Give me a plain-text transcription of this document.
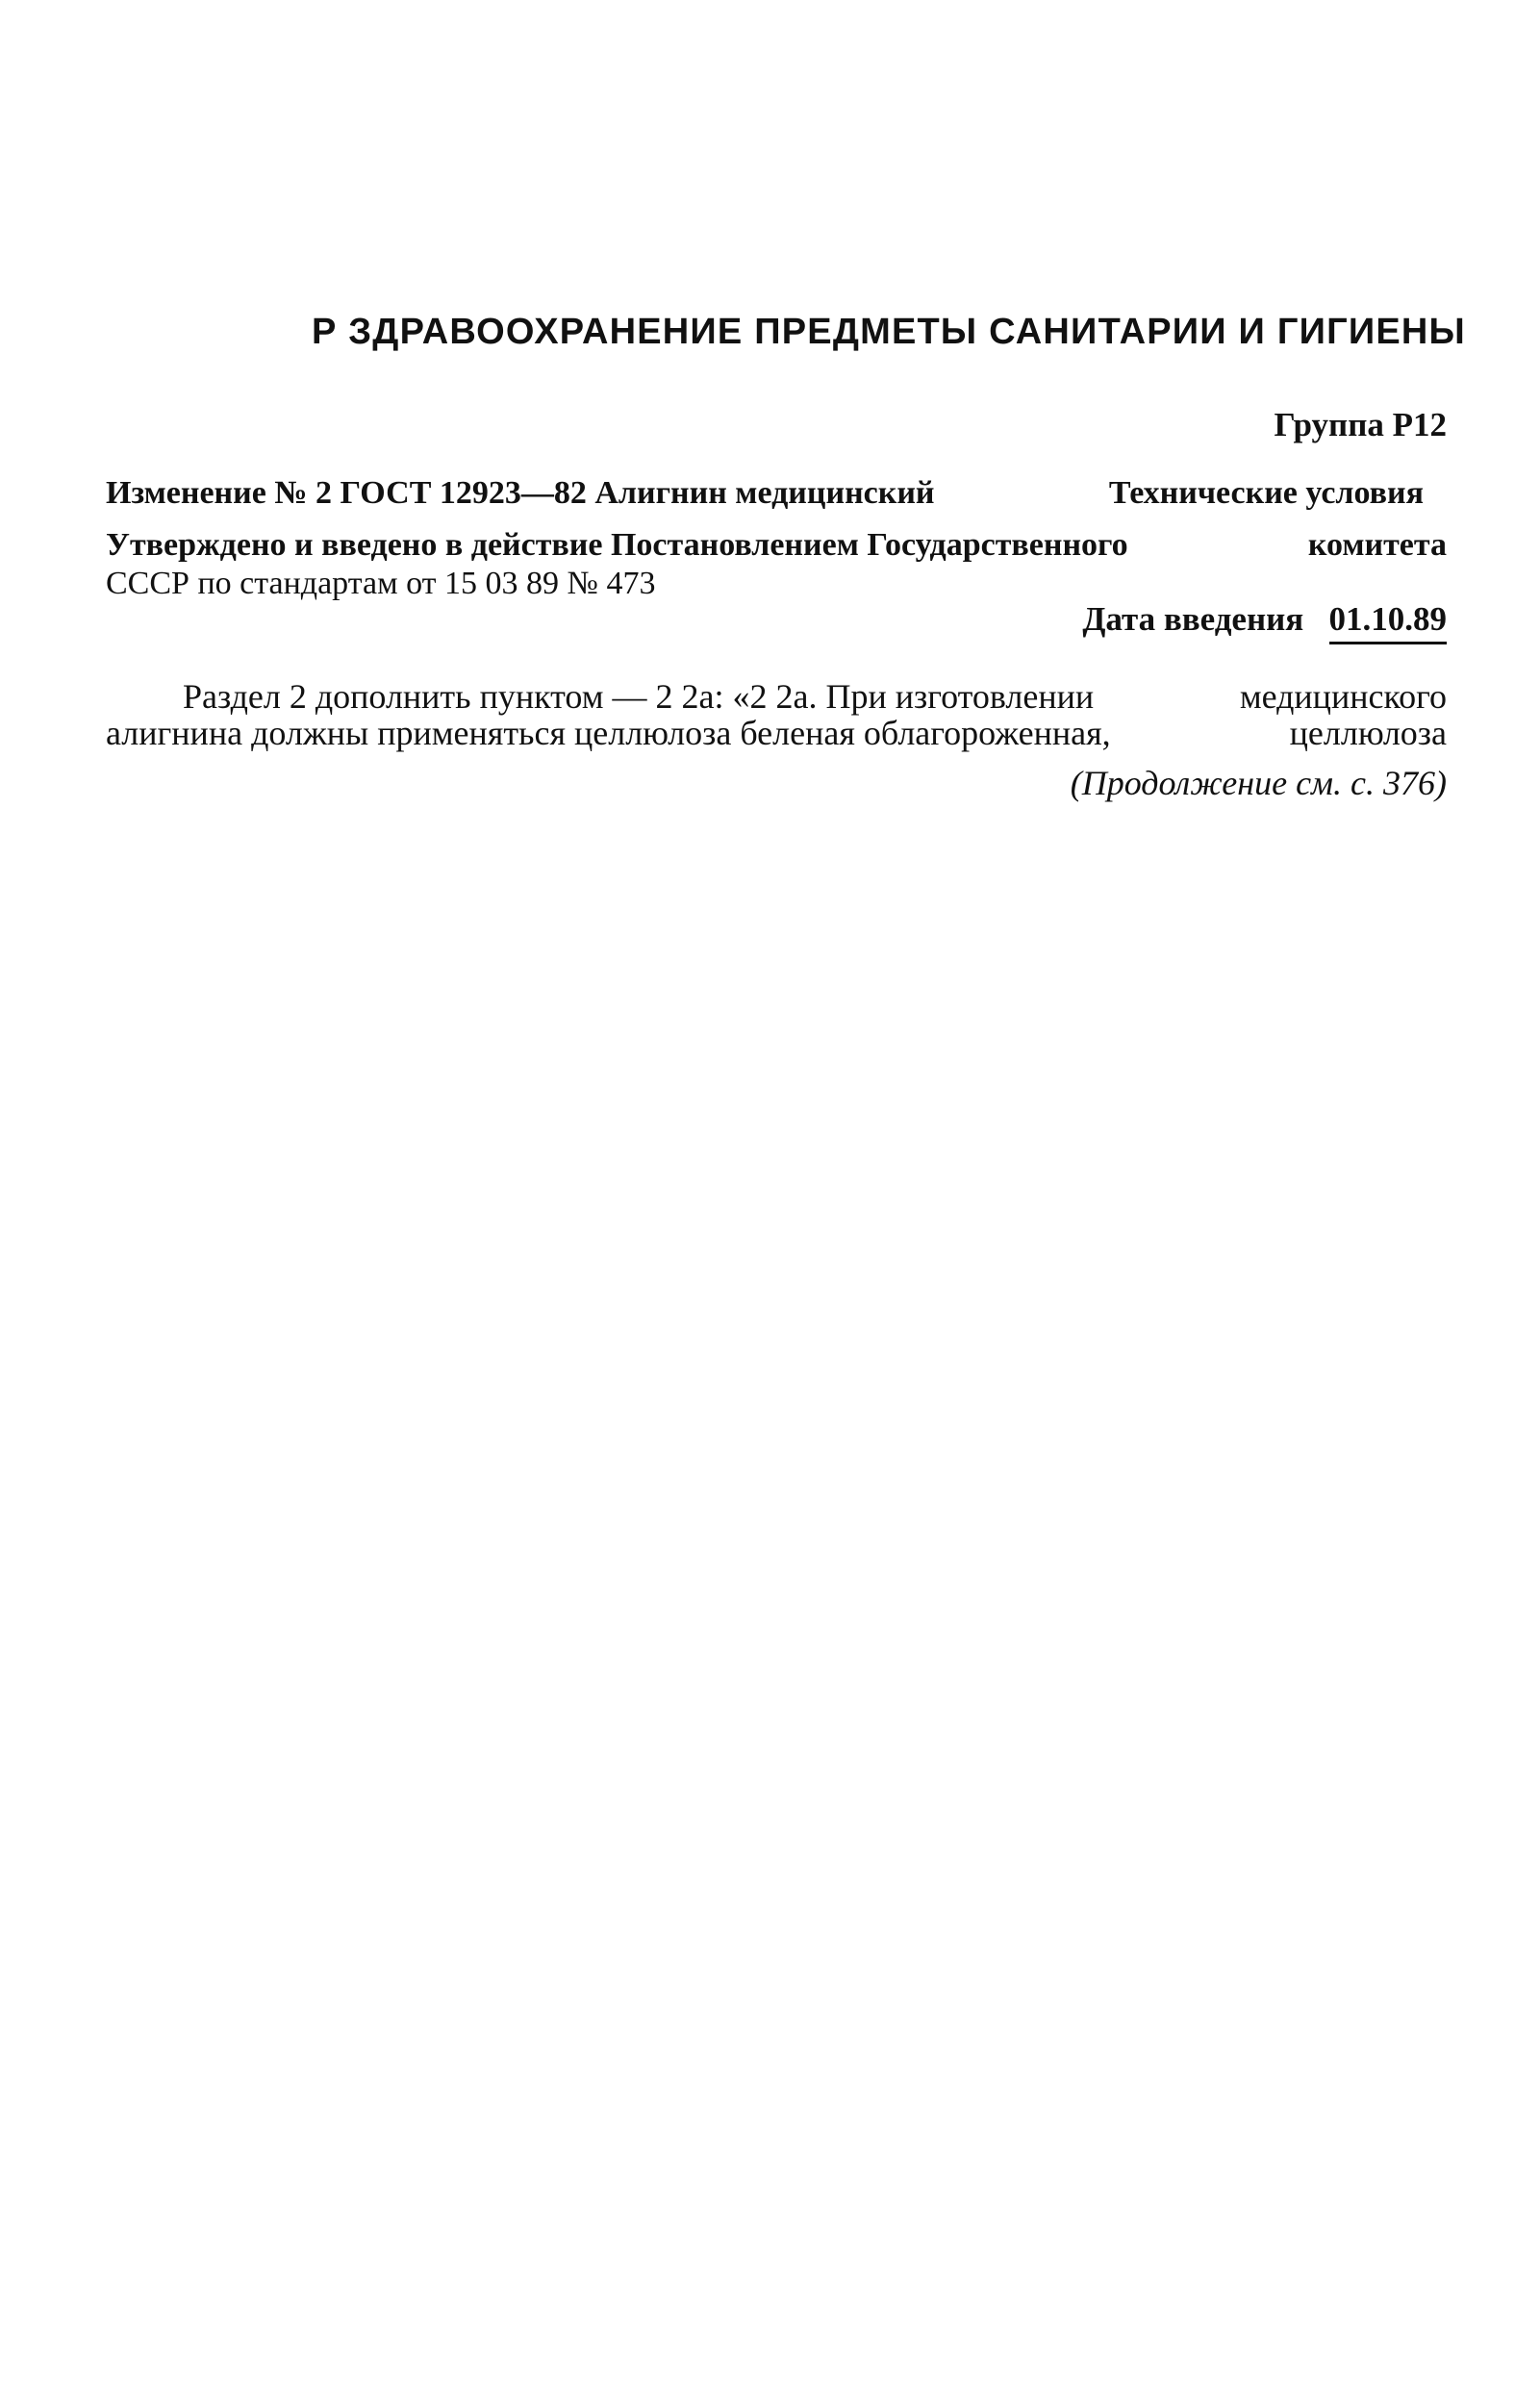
Р ЗДРАВООХРАНЕНИЕ ПРЕДМЕТЫ САНИТАРИИ И ГИГИЕНЫ
Группа Р12
Изменение № 2 ГОСТ 12923—82 Алигнин медицинский	Технические условия
Утверждено и введено в действие Постановлением Государственного	комитета
СССР по стандартам от 15 03 89 № 473
Дата введения 01.10.89
Раздел 2 дополнить пунктом — 2 2а: «2 2а. При изготовлении	медицинского
алигнина должны применяться целлюлоза беленая облагороженная,	целлюлоза
(Продолжение см. с. 376)
